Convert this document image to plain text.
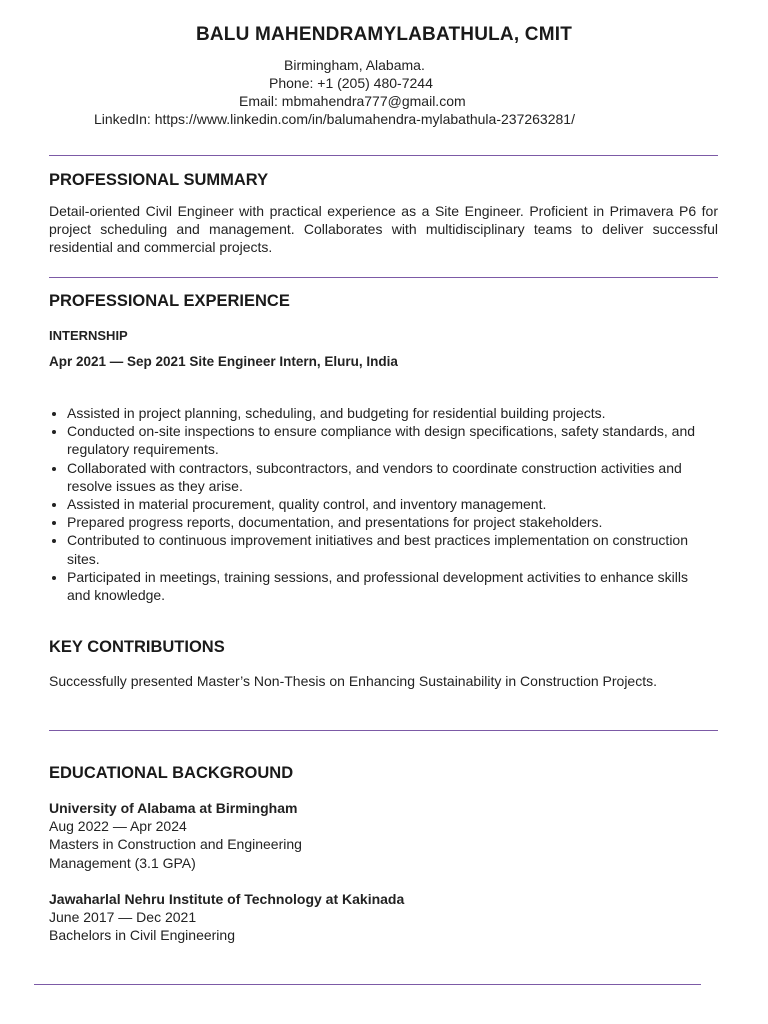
BALU MAHENDRAMYLABATHULA, CMIT
Birmingham, Alabama.
Phone: +1 (205) 480-7244
Email: mbmahendra777@gmail.com
LinkedIn: https://www.linkedin.com/in/balumahendra-mylabathula-237263281/
PROFESSIONAL SUMMARY
Detail-oriented Civil Engineer with practical experience as a Site Engineer. Proficient in Primavera P6 for project scheduling and management. Collaborates with multidisciplinary teams to deliver successful residential and commercial projects.
PROFESSIONAL EXPERIENCE
INTERNSHIP
Apr 2021 — Sep 2021 Site Engineer Intern, Eluru, India
• Assisted in project planning, scheduling, and budgeting for residential building projects.
• Conducted on-site inspections to ensure compliance with design specifications, safety standards, and regulatory requirements.
• Collaborated with contractors, subcontractors, and vendors to coordinate construction activities and resolve issues as they arise.
• Assisted in material procurement, quality control, and inventory management.
• Prepared progress reports, documentation, and presentations for project stakeholders.
• Contributed to continuous improvement initiatives and best practices implementation on construction sites.
• Participated in meetings, training sessions, and professional development activities to enhance skills and knowledge.
KEY CONTRIBUTIONS
Successfully presented Master’s Non-Thesis on Enhancing Sustainability in Construction Projects.
EDUCATIONAL BACKGROUND
University of Alabama at Birmingham
Aug 2022 — Apr 2024
Masters in Construction and Engineering
Management (3.1 GPA)
Jawaharlal Nehru Institute of Technology at Kakinada
June 2017 — Dec 2021
Bachelors in Civil Engineering
